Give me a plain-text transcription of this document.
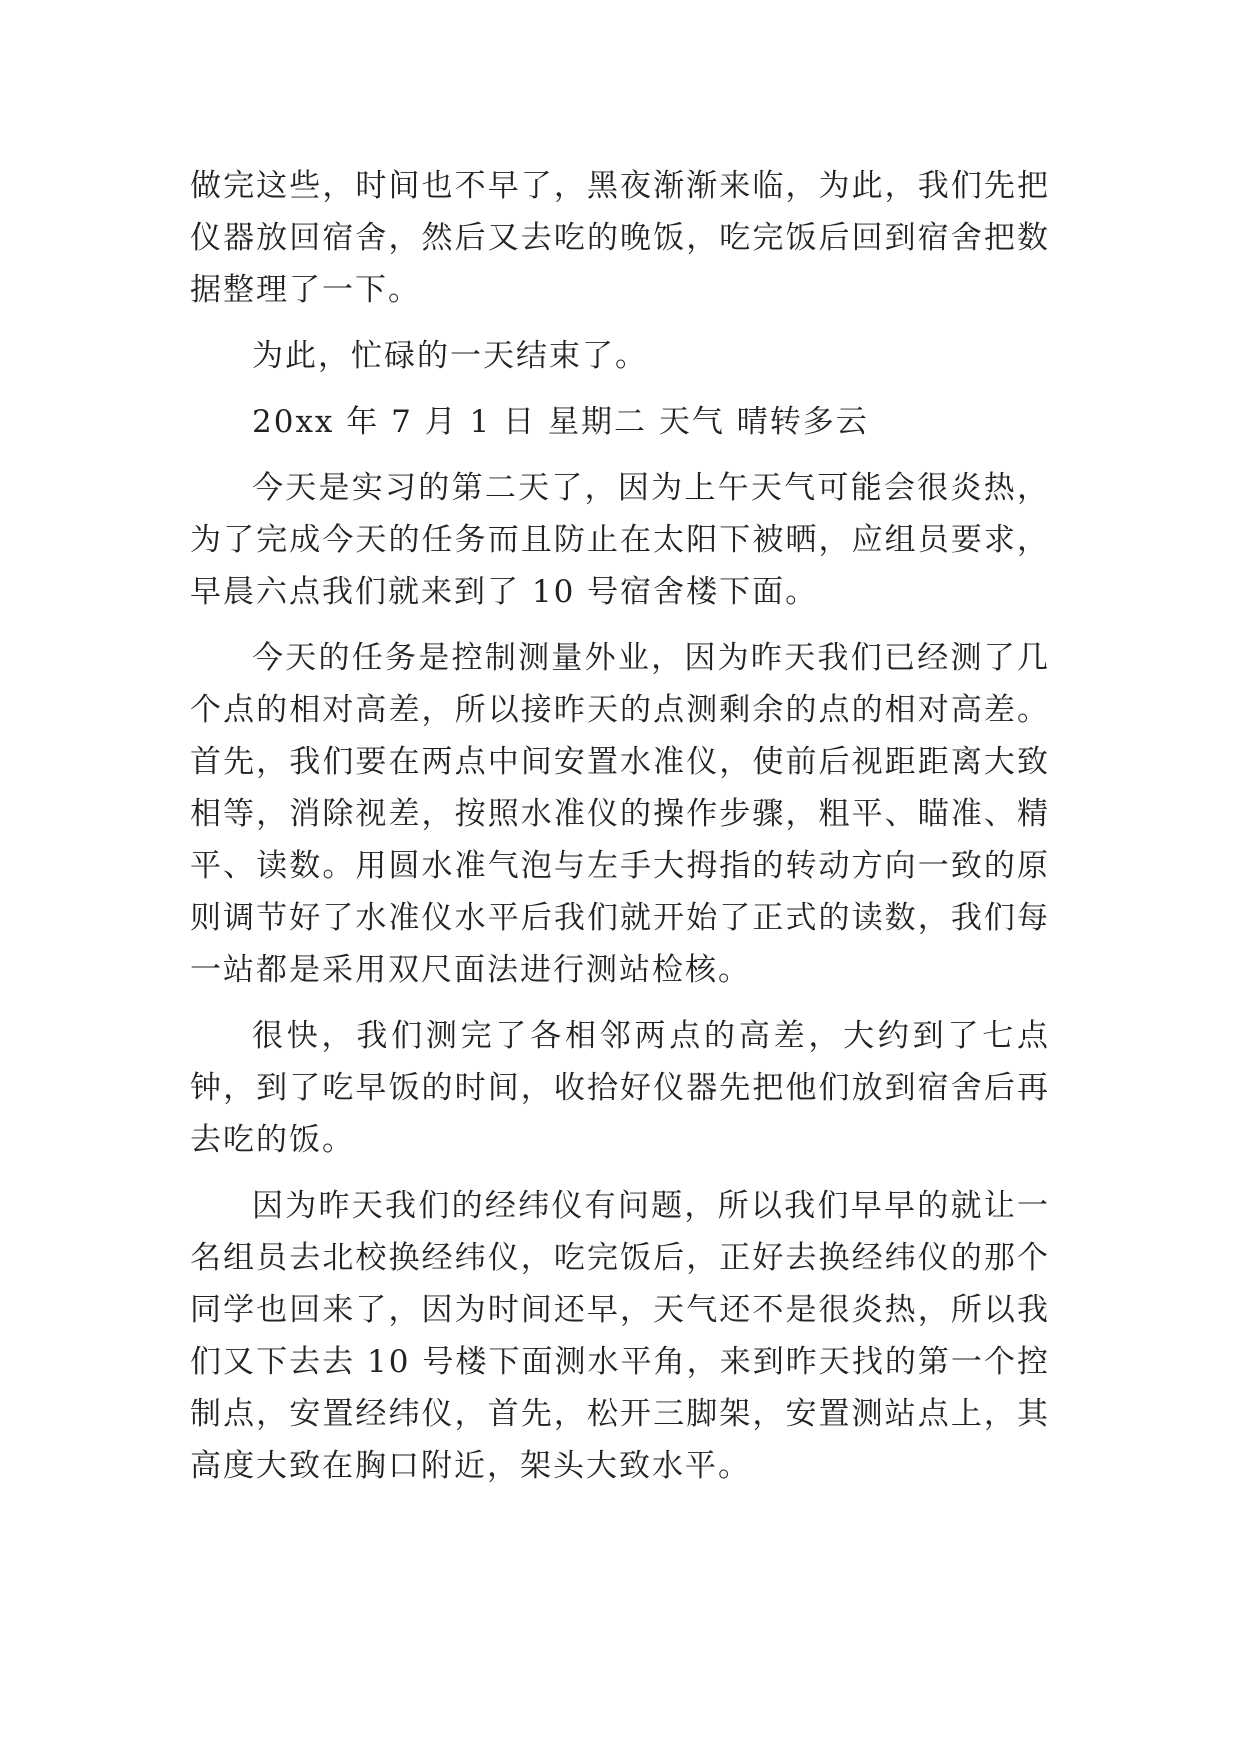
做完这些，时间也不早了，黑夜渐渐来临，为此，我们先把仪器放回宿舍，然后又去吃的晚饭，吃完饭后回到宿舍把数据整理了一下。

为此，忙碌的一天结束了。

20xx 年 7 月 1 日 星期二 天气 晴转多云

今天是实习的第二天了，因为上午天气可能会很炎热，为了完成今天的任务而且防止在太阳下被晒，应组员要求，早晨六点我们就来到了 10 号宿舍楼下面。

今天的任务是控制测量外业，因为昨天我们已经测了几个点的相对高差，所以接昨天的点测剩余的点的相对高差。首先，我们要在两点中间安置水准仪，使前后视距距离大致相等，消除视差，按照水准仪的操作步骤，粗平、瞄准、精平、读数。用圆水准气泡与左手大拇指的转动方向一致的原则调节好了水准仪水平后我们就开始了正式的读数，我们每一站都是采用双尺面法进行测站检核。

很快，我们测完了各相邻两点的高差，大约到了七点钟，到了吃早饭的时间，收拾好仪器先把他们放到宿舍后再去吃的饭。

因为昨天我们的经纬仪有问题，所以我们早早的就让一名组员去北校换经纬仪，吃完饭后，正好去换经纬仪的那个同学也回来了，因为时间还早，天气还不是很炎热，所以我们又下去去 10 号楼下面测水平角，来到昨天找的第一个控制点，安置经纬仪，首先，松开三脚架，安置测站点上，其高度大致在胸口附近，架头大致水平。
